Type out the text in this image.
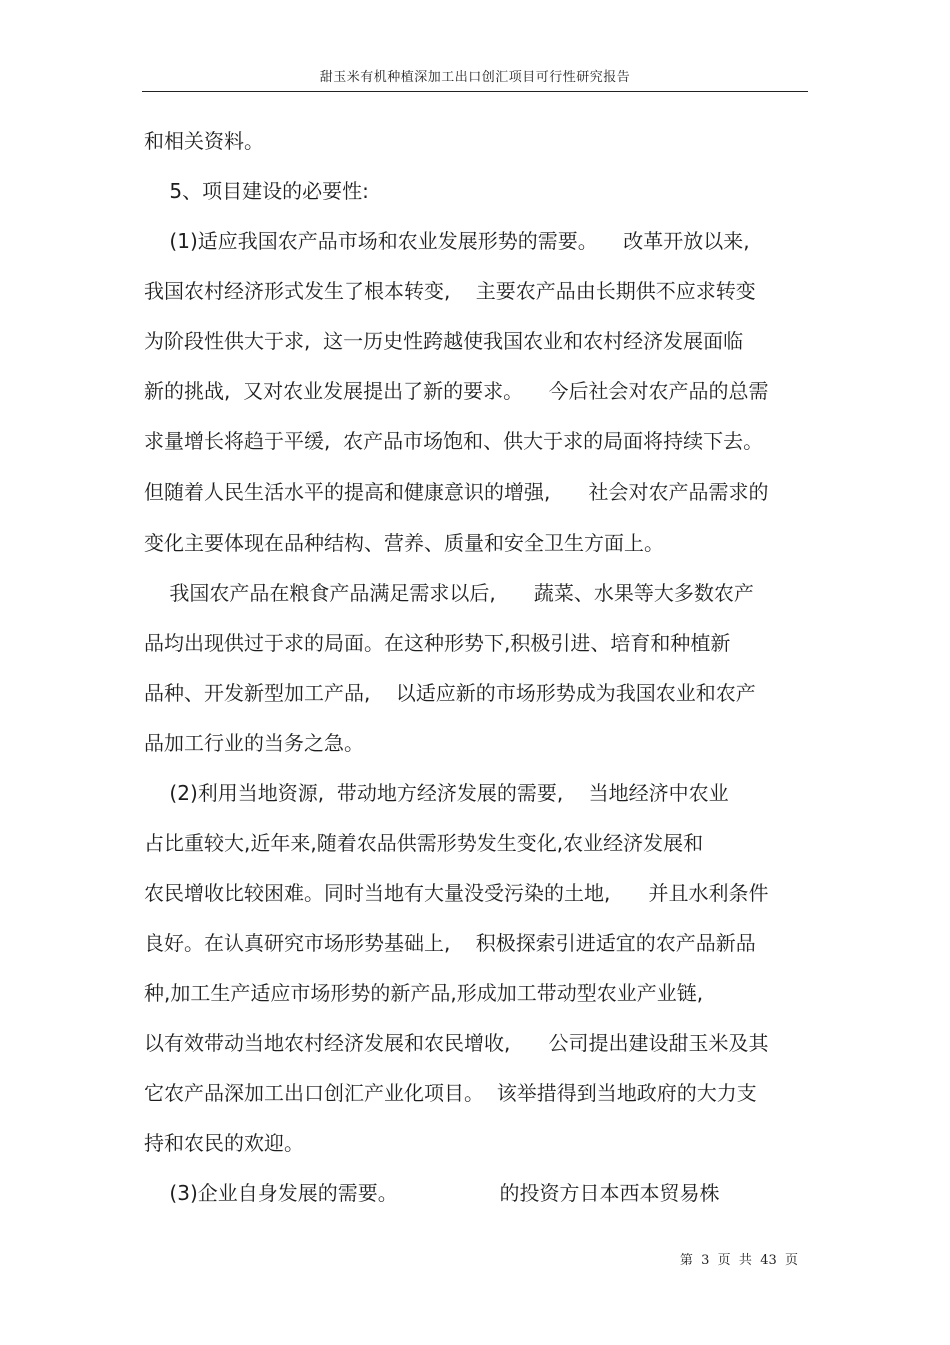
甜玉米有机种植深加工出口创汇项目可行性研究报告
和相关资料。
5、项目建设的必要性:
(1)适应我国农产品市场和农业发展形势的需要。    改革开放以来,
我国农村经济形式发生了根本转变,    主要农产品由长期供不应求转变
为阶段性供大于求,  这一历史性跨越使我国农业和农村经济发展面临
新的挑战,  又对农业发展提出了新的要求。    今后社会对农产品的总需
求量增长将趋于平缓,  农产品市场饱和、供大于求的局面将持续下去。
但随着人民生活水平的提高和健康意识的增强,      社会对农产品需求的
变化主要体现在品种结构、营养、质量和安全卫生方面上。
我国农产品在粮食产品满足需求以后,      蔬菜、水果等大多数农产
品均出现供过于求的局面。在这种形势下,积极引进、培育和种植新
品种、开发新型加工产品,    以适应新的市场形势成为我国农业和农产
品加工行业的当务之急。
(2)利用当地资源,  带动地方经济发展的需要,    当地经济中农业
占比重较大,近年来,随着农品供需形势发生变化,农业经济发展和
农民增收比较困难。同时当地有大量没受污染的土地,      并且水利条件
良好。在认真研究市场形势基础上,    积极探索引进适宜的农产品新品
种,加工生产适应市场形势的新产品,形成加工带动型农业产业链,
以有效带动当地农村经济发展和农民增收,      公司提出建设甜玉米及其
它农产品深加工出口创汇产业化项目。  该举措得到当地政府的大力支
持和农民的欢迎。
(3)企业自身发展的需要。                的投资方日本西本贸易株
第  3  页  共  43  页
